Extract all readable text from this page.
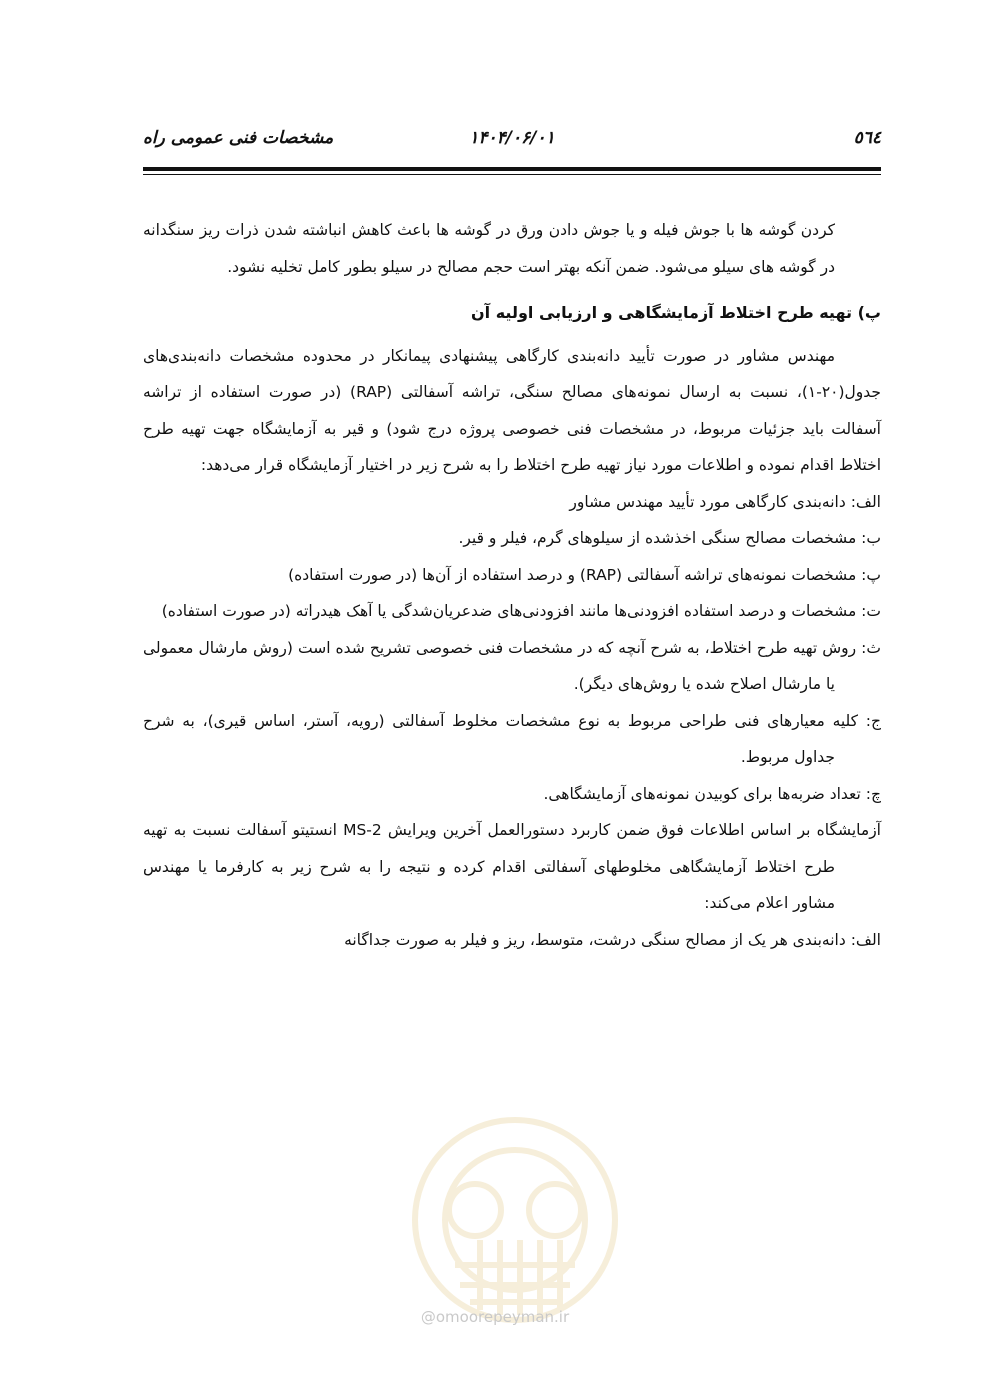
٥٦٤
۱۴۰۴/۰۶/۰۱
مشخصات فنی عمومی راه

کردن گوشه ها با جوش فیله و یا جوش دادن ورق در گوشه ها باعث کاهش انباشته شدن ذرات ریز سنگدانه در گوشه های سیلو می‌شود. ضمن آنکه بهتر است حجم مصالح در سیلو بطور کامل تخلیه نشود.

پ) تهیه طرح اختلاط آزمایشگاهی و ارزیابی اولیه آن

مهندس مشاور در صورت تأیید دانه‌بندی کارگاهی پیشنهادی پیمانکار در محدوده مشخصات دانه‌بندی‌های جدول(۲۰-۱)، نسبت به ارسال نمونه‌های مصالح سنگی، تراشه آسفالتی (RAP) (در صورت استفاده از تراشه آسفالت باید جزئیات مربوط، در مشخصات فنی خصوصی پروژه درج شود) و قیر به آزمایشگاه جهت تهیه طرح اختلاط اقدام نموده و اطلاعات مورد نیاز تهیه طرح اختلاط را به شرح زیر در اختیار آزمایشگاه قرار می‌دهد:

الف: دانه‌بندی کارگاهی مورد تأیید مهندس مشاور

ب: مشخصات مصالح سنگی اخذشده از سیلوهای گرم، فیلر و قیر.

پ: مشخصات نمونه‌های تراشه آسفالتی (RAP) و درصد استفاده از آن‌ها (در صورت استفاده)

ت: مشخصات و درصد استفاده افزودنی‌ها مانند افزودنی‌های ضدعریان‌شدگی یا آهک هیدراته (در صورت استفاده)

ث: روش تهیه طرح اختلاط، به شرح آنچه که در مشخصات فنی خصوصی تشریح شده است (روش مارشال معمولی یا مارشال اصلاح شده یا روش‌های دیگر).

ج: کلیه معیارهای فنی طراحی مربوط به نوع مشخصات مخلوط آسفالتی (رویه، آستر، اساس قیری)، به شرح جداول مربوط.

چ: تعداد ضربه‌ها برای کوبیدن نمونه‌های آزمایشگاهی.

آزمایشگاه بر اساس اطلاعات فوق ضمن کاربرد دستورالعمل آخرین ویرایش MS-2 انستیتو آسفالت نسبت به تهیه طرح اختلاط آزمایشگاهی مخلوطهای آسفالتی اقدام کرده و نتیجه را به شرح زیر به کارفرما یا مهندس مشاور اعلام می‌کند:

الف: دانه‌بندی هر یک از مصالح سنگی درشت، متوسط، ریز و فیلر به صورت جداگانه

@omoorepeyman.ir
